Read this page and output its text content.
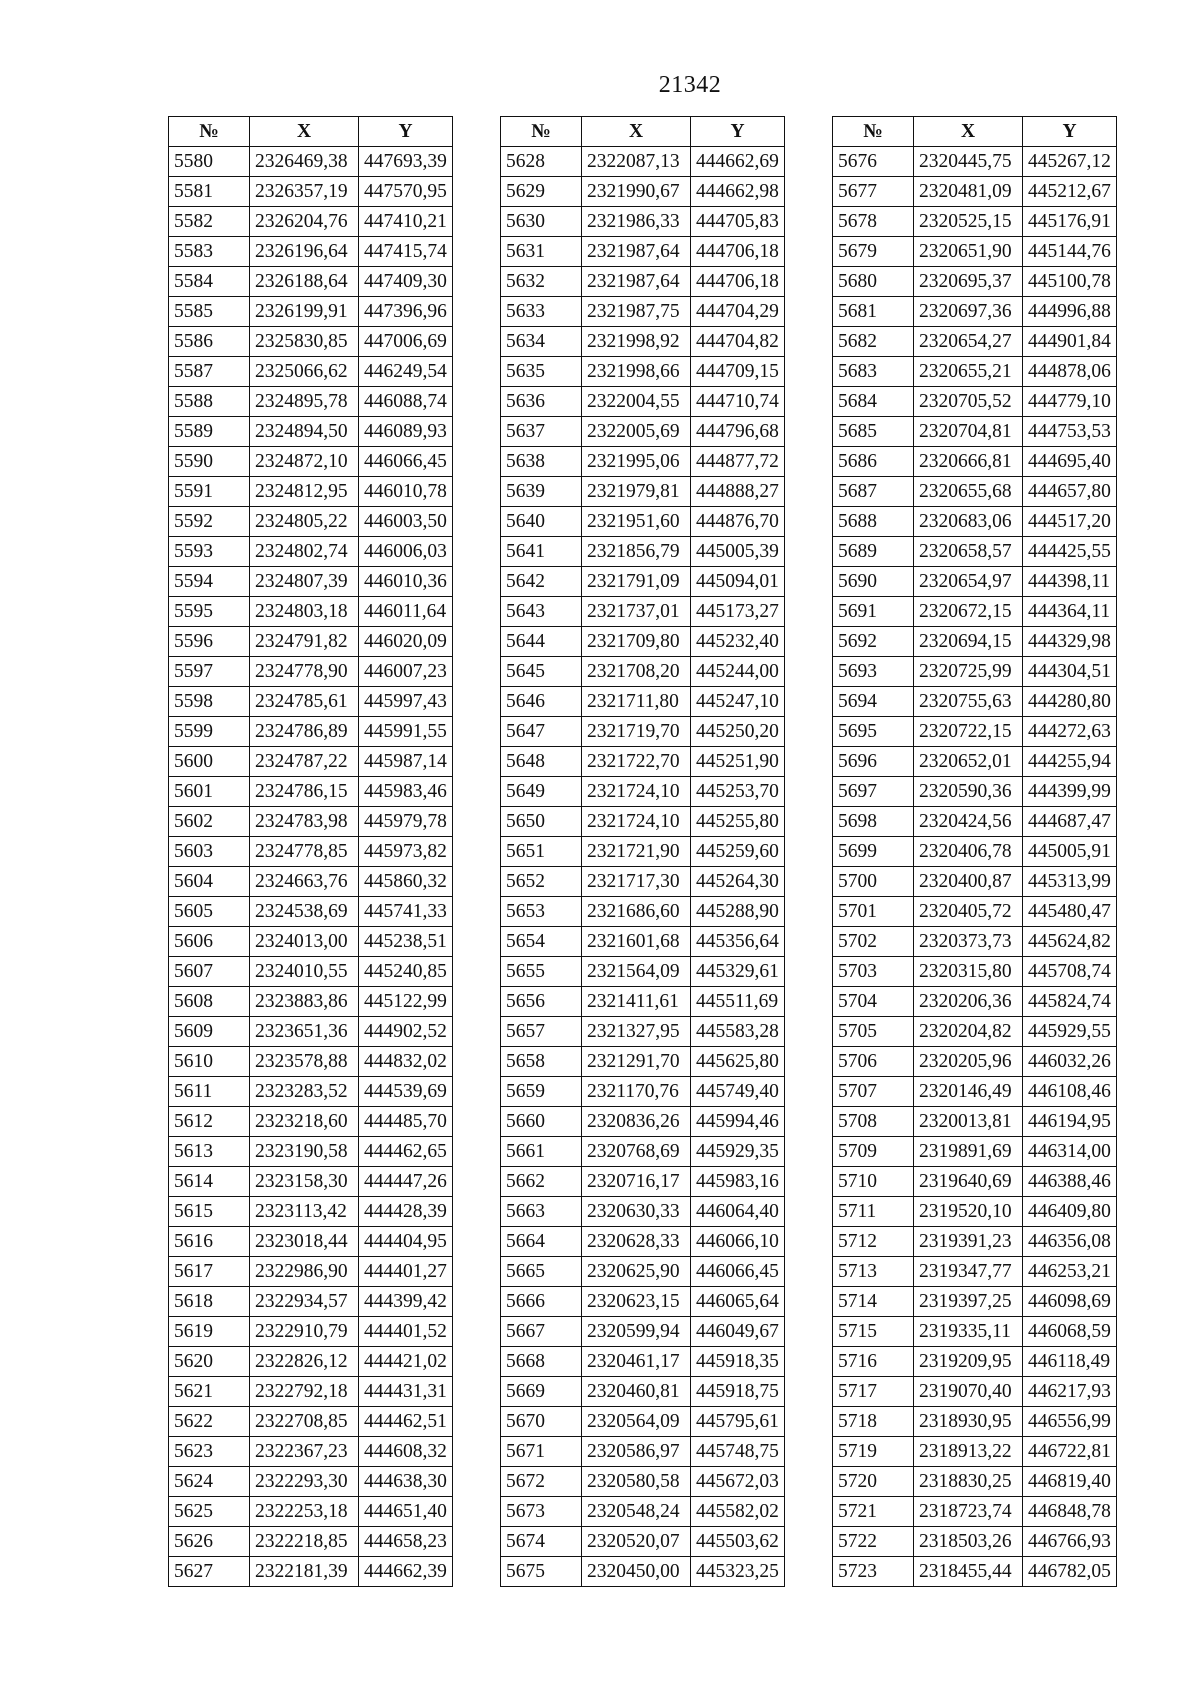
21342
№	X	Y
5580	2326469,38	447693,39
5581	2326357,19	447570,95
5582	2326204,76	447410,21
5583	2326196,64	447415,74
5584	2326188,64	447409,30
5585	2326199,91	447396,96
5586	2325830,85	447006,69
5587	2325066,62	446249,54
5588	2324895,78	446088,74
5589	2324894,50	446089,93
5590	2324872,10	446066,45
5591	2324812,95	446010,78
5592	2324805,22	446003,50
5593	2324802,74	446006,03
5594	2324807,39	446010,36
5595	2324803,18	446011,64
5596	2324791,82	446020,09
5597	2324778,90	446007,23
5598	2324785,61	445997,43
5599	2324786,89	445991,55
5600	2324787,22	445987,14
5601	2324786,15	445983,46
5602	2324783,98	445979,78
5603	2324778,85	445973,82
5604	2324663,76	445860,32
5605	2324538,69	445741,33
5606	2324013,00	445238,51
5607	2324010,55	445240,85
5608	2323883,86	445122,99
5609	2323651,36	444902,52
5610	2323578,88	444832,02
5611	2323283,52	444539,69
5612	2323218,60	444485,70
5613	2323190,58	444462,65
5614	2323158,30	444447,26
5615	2323113,42	444428,39
5616	2323018,44	444404,95
5617	2322986,90	444401,27
5618	2322934,57	444399,42
5619	2322910,79	444401,52
5620	2322826,12	444421,02
5621	2322792,18	444431,31
5622	2322708,85	444462,51
5623	2322367,23	444608,32
5624	2322293,30	444638,30
5625	2322253,18	444651,40
5626	2322218,85	444658,23
5627	2322181,39	444662,39
№	X	Y
5628	2322087,13	444662,69
5629	2321990,67	444662,98
5630	2321986,33	444705,83
5631	2321987,64	444706,18
5632	2321987,64	444706,18
5633	2321987,75	444704,29
5634	2321998,92	444704,82
5635	2321998,66	444709,15
5636	2322004,55	444710,74
5637	2322005,69	444796,68
5638	2321995,06	444877,72
5639	2321979,81	444888,27
5640	2321951,60	444876,70
5641	2321856,79	445005,39
5642	2321791,09	445094,01
5643	2321737,01	445173,27
5644	2321709,80	445232,40
5645	2321708,20	445244,00
5646	2321711,80	445247,10
5647	2321719,70	445250,20
5648	2321722,70	445251,90
5649	2321724,10	445253,70
5650	2321724,10	445255,80
5651	2321721,90	445259,60
5652	2321717,30	445264,30
5653	2321686,60	445288,90
5654	2321601,68	445356,64
5655	2321564,09	445329,61
5656	2321411,61	445511,69
5657	2321327,95	445583,28
5658	2321291,70	445625,80
5659	2321170,76	445749,40
5660	2320836,26	445994,46
5661	2320768,69	445929,35
5662	2320716,17	445983,16
5663	2320630,33	446064,40
5664	2320628,33	446066,10
5665	2320625,90	446066,45
5666	2320623,15	446065,64
5667	2320599,94	446049,67
5668	2320461,17	445918,35
5669	2320460,81	445918,75
5670	2320564,09	445795,61
5671	2320586,97	445748,75
5672	2320580,58	445672,03
5673	2320548,24	445582,02
5674	2320520,07	445503,62
5675	2320450,00	445323,25
№	X	Y
5676	2320445,75	445267,12
5677	2320481,09	445212,67
5678	2320525,15	445176,91
5679	2320651,90	445144,76
5680	2320695,37	445100,78
5681	2320697,36	444996,88
5682	2320654,27	444901,84
5683	2320655,21	444878,06
5684	2320705,52	444779,10
5685	2320704,81	444753,53
5686	2320666,81	444695,40
5687	2320655,68	444657,80
5688	2320683,06	444517,20
5689	2320658,57	444425,55
5690	2320654,97	444398,11
5691	2320672,15	444364,11
5692	2320694,15	444329,98
5693	2320725,99	444304,51
5694	2320755,63	444280,80
5695	2320722,15	444272,63
5696	2320652,01	444255,94
5697	2320590,36	444399,99
5698	2320424,56	444687,47
5699	2320406,78	445005,91
5700	2320400,87	445313,99
5701	2320405,72	445480,47
5702	2320373,73	445624,82
5703	2320315,80	445708,74
5704	2320206,36	445824,74
5705	2320204,82	445929,55
5706	2320205,96	446032,26
5707	2320146,49	446108,46
5708	2320013,81	446194,95
5709	2319891,69	446314,00
5710	2319640,69	446388,46
5711	2319520,10	446409,80
5712	2319391,23	446356,08
5713	2319347,77	446253,21
5714	2319397,25	446098,69
5715	2319335,11	446068,59
5716	2319209,95	446118,49
5717	2319070,40	446217,93
5718	2318930,95	446556,99
5719	2318913,22	446722,81
5720	2318830,25	446819,40
5721	2318723,74	446848,78
5722	2318503,26	446766,93
5723	2318455,44	446782,05
